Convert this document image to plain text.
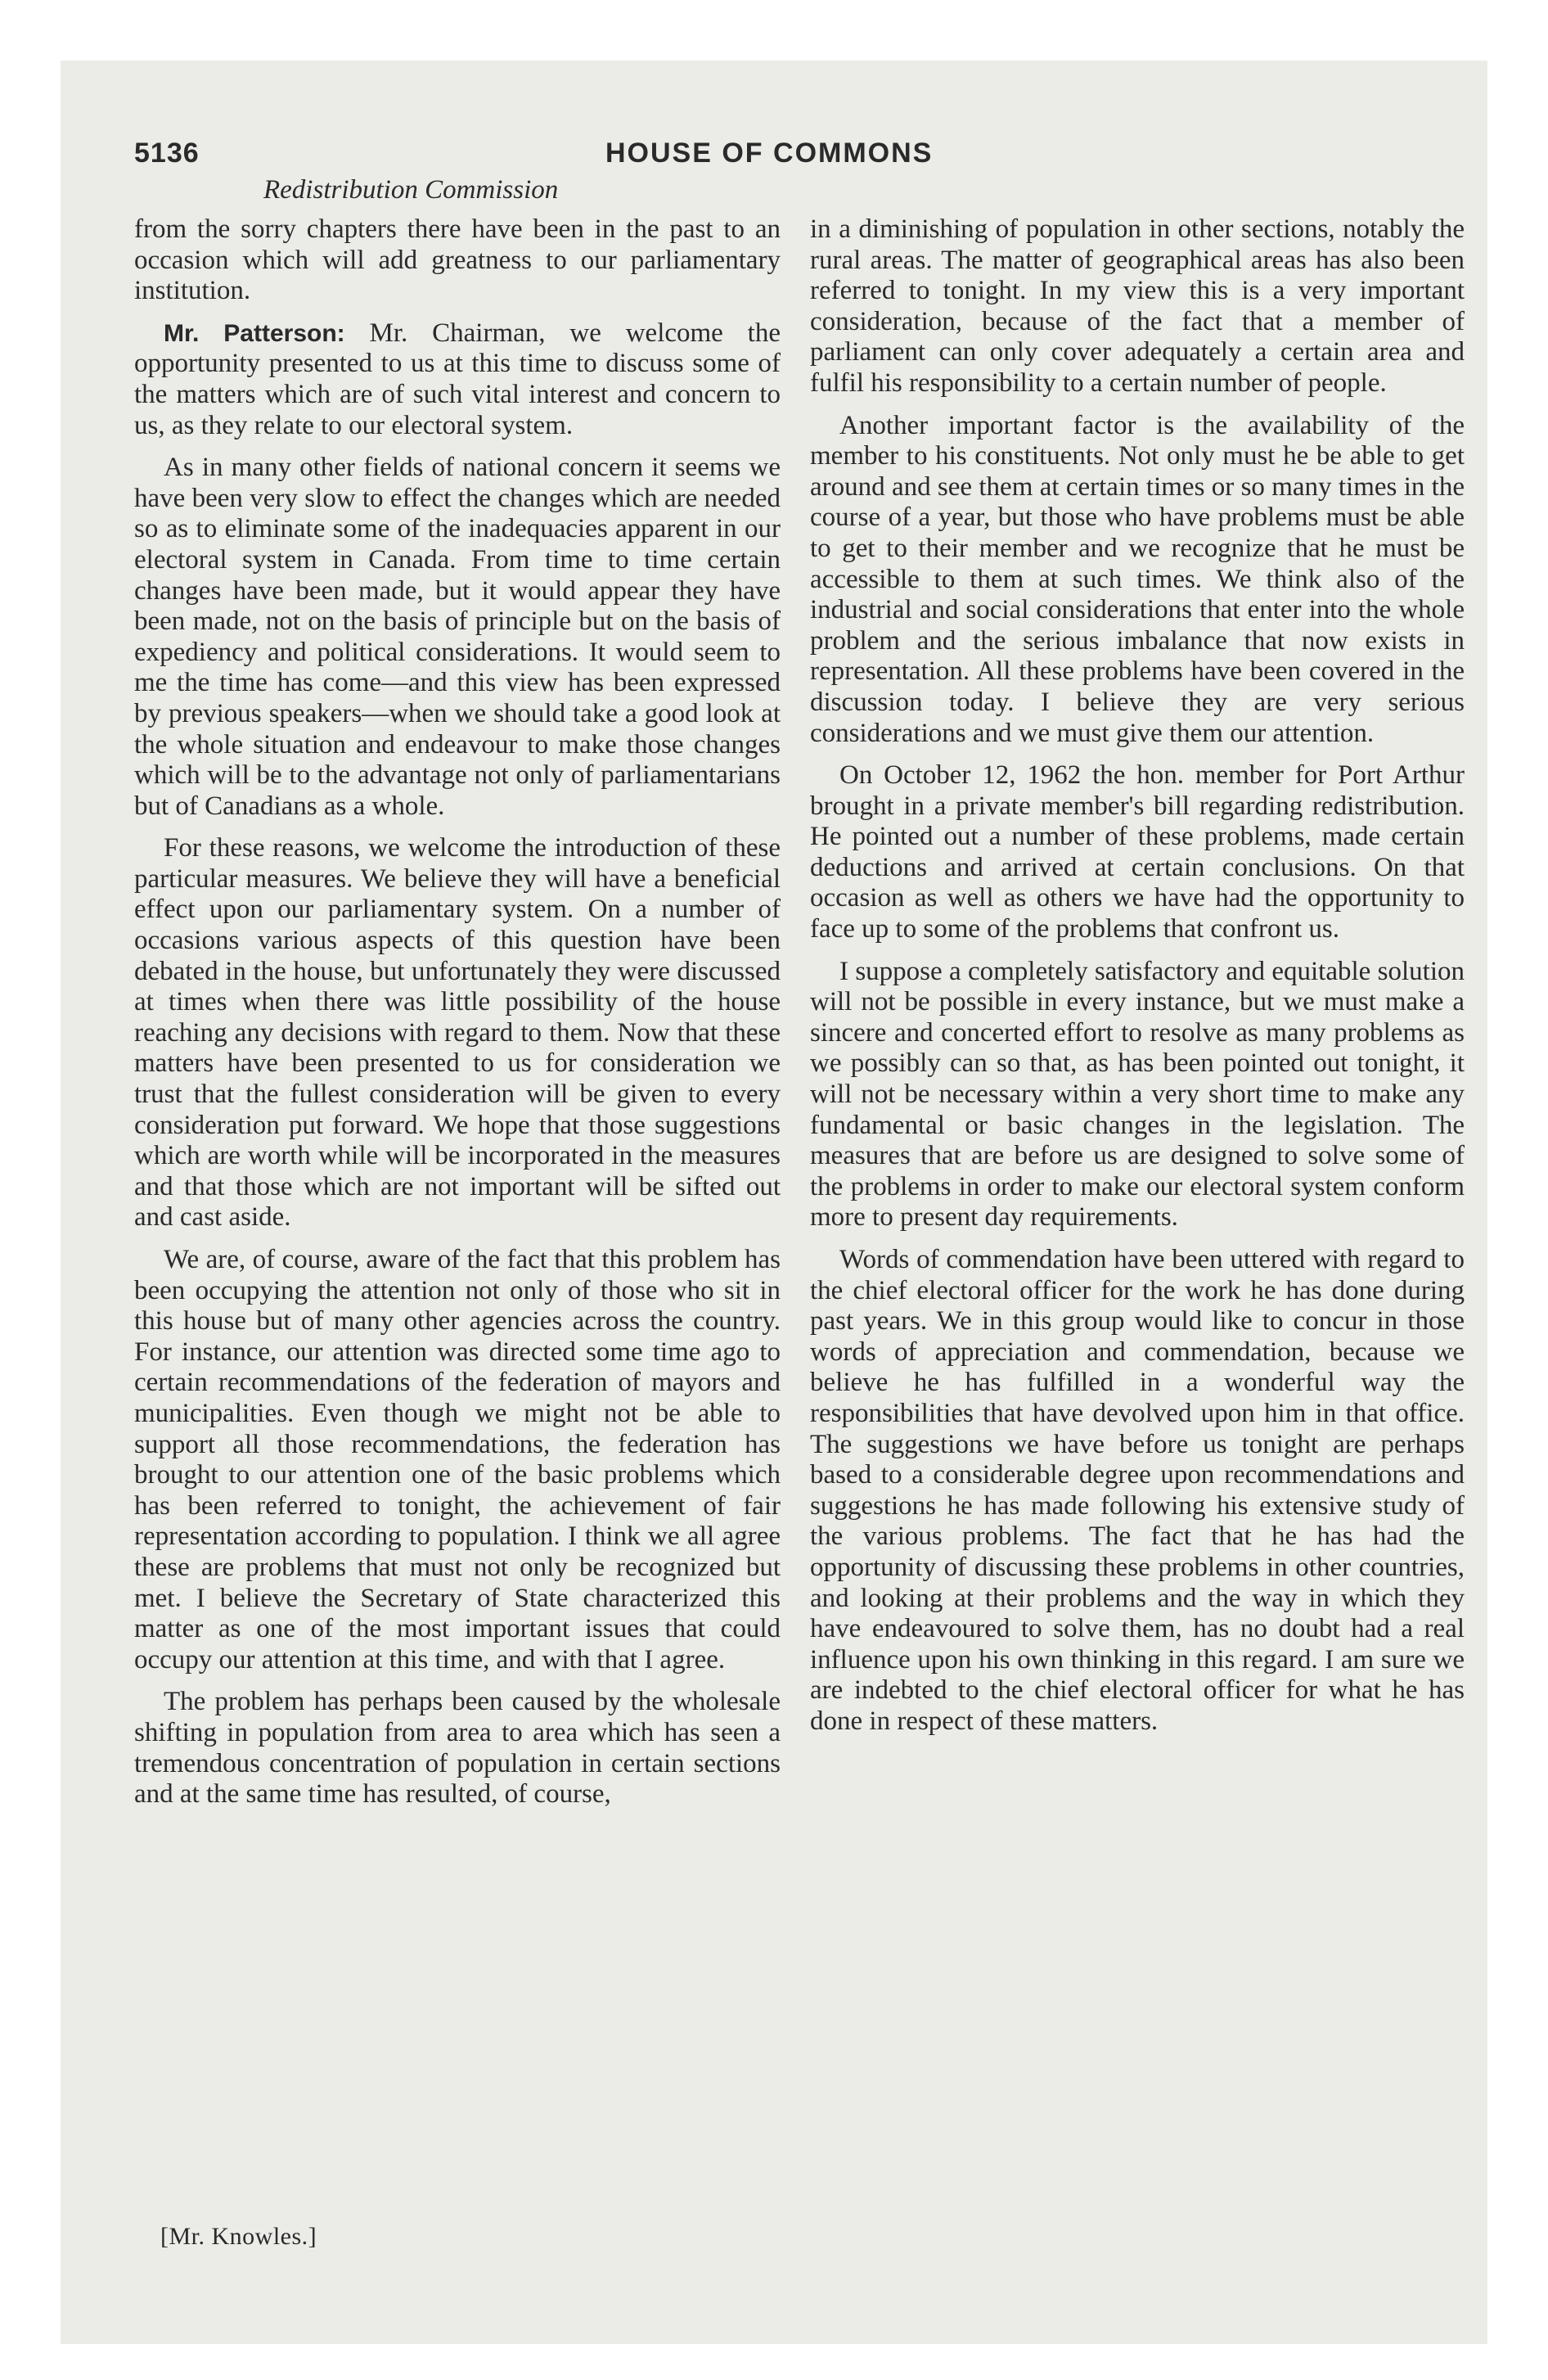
5136	HOUSE OF COMMONS
Redistribution Commission

from the sorry chapters there have been in the past to an occasion which will add greatness to our parliamentary institution.

Mr. Patterson: Mr. Chairman, we welcome the opportunity presented to us at this time to discuss some of the matters which are of such vital interest and concern to us, as they relate to our electoral system.

As in many other fields of national concern it seems we have been very slow to effect the changes which are needed so as to eliminate some of the inadequacies apparent in our electoral system in Canada. From time to time certain changes have been made, but it would appear they have been made, not on the basis of principle but on the basis of expediency and political considerations. It would seem to me the time has come—and this view has been expressed by previous speakers—when we should take a good look at the whole situation and endeavour to make those changes which will be to the advantage not only of parliamentarians but of Canadians as a whole.

For these reasons, we welcome the introduction of these particular measures. We believe they will have a beneficial effect upon our parliamentary system. On a number of occasions various aspects of this question have been debated in the house, but unfortunately they were discussed at times when there was little possibility of the house reaching any decisions with regard to them. Now that these matters have been presented to us for consideration we trust that the fullest consideration will be given to every consideration put forward. We hope that those suggestions which are worth while will be incorporated in the measures and that those which are not important will be sifted out and cast aside.

We are, of course, aware of the fact that this problem has been occupying the attention not only of those who sit in this house but of many other agencies across the country. For instance, our attention was directed some time ago to certain recommendations of the federation of mayors and municipalities. Even though we might not be able to support all those recommendations, the federation has brought to our attention one of the basic problems which has been referred to tonight, the achievement of fair representation according to population. I think we all agree these are problems that must not only be recognized but met. I believe the Secretary of State characterized this matter as one of the most important issues that could occupy our attention at this time, and with that I agree.

The problem has perhaps been caused by the wholesale shifting in population from area to area which has seen a tremendous concentration of population in certain sections and at the same time has resulted, of course,

in a diminishing of population in other sections, notably the rural areas. The matter of geographical areas has also been referred to tonight. In my view this is a very important consideration, because of the fact that a member of parliament can only cover adequately a certain area and fulfil his responsibility to a certain number of people.

Another important factor is the availability of the member to his constituents. Not only must he be able to get around and see them at certain times or so many times in the course of a year, but those who have problems must be able to get to their member and we recognize that he must be accessible to them at such times. We think also of the industrial and social considerations that enter into the whole problem and the serious imbalance that now exists in representation. All these problems have been covered in the discussion today. I believe they are very serious considerations and we must give them our attention.

On October 12, 1962 the hon. member for Port Arthur brought in a private member's bill regarding redistribution. He pointed out a number of these problems, made certain deductions and arrived at certain conclusions. On that occasion as well as others we have had the opportunity to face up to some of the problems that confront us.

I suppose a completely satisfactory and equitable solution will not be possible in every instance, but we must make a sincere and concerted effort to resolve as many problems as we possibly can so that, as has been pointed out tonight, it will not be necessary within a very short time to make any fundamental or basic changes in the legislation. The measures that are before us are designed to solve some of the problems in order to make our electoral system conform more to present day requirements.

Words of commendation have been uttered with regard to the chief electoral officer for the work he has done during past years. We in this group would like to concur in those words of appreciation and commendation, because we believe he has fulfilled in a wonderful way the responsibilities that have devolved upon him in that office. The suggestions we have before us tonight are perhaps based to a considerable degree upon recommendations and suggestions he has made following his extensive study of the various problems. The fact that he has had the opportunity of discussing these problems in other countries, and looking at their problems and the way in which they have endeavoured to solve them, has no doubt had a real influence upon his own thinking in this regard. I am sure we are indebted to the chief electoral officer for what he has done in respect of these matters.

[Mr. Knowles.]
